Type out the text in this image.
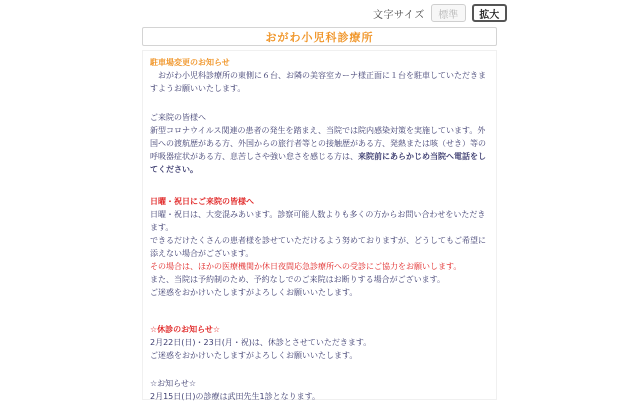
文字サイズ	標準	拡大
おがわ小児科診療所

駐車場変更のお知らせ

　おがわ小児科診療所の東側に６台、お隣の美容室カーナ様正面に１台を駐車していただきますようお願いいたします。

ご来院の皆様へ

新型コロナウイルス関連の患者の発生を踏まえ、当院では院内感染対策を実施しています。外国への渡航歴がある方、外国からの旅行者等との接触歴がある方、発熱または咳（せき）等の呼吸器症状がある方、息苦しさや強い怠さを感じる方は、来院前にあらかじめ当院へ電話をしてください。

日曜・祝日にご来院の皆様へ

日曜・祝日は、大変混みあいます。診察可能人数よりも多くの方からお問い合わせをいただきます。

できるだけたくさんの患者様を診せていただけるよう努めておりますが、どうしてもご希望に添えない場合がございます。

その場合は、ほかの医療機関か休日夜間応急診療所への受診にご協力をお願いします。

また、当院は予約制のため、予約なしでのご来院はお断りする場合がございます。

ご迷惑をおかけいたしますがよろしくお願いいたします。

☆休診のお知らせ☆

2月22日(日)・23日(月・祝)は、休診とさせていただきます。

ご迷惑をおかけいたしますがよろしくお願いいたします。

☆お知らせ☆

2月15日(日)の診療は武田先生1診となります。
